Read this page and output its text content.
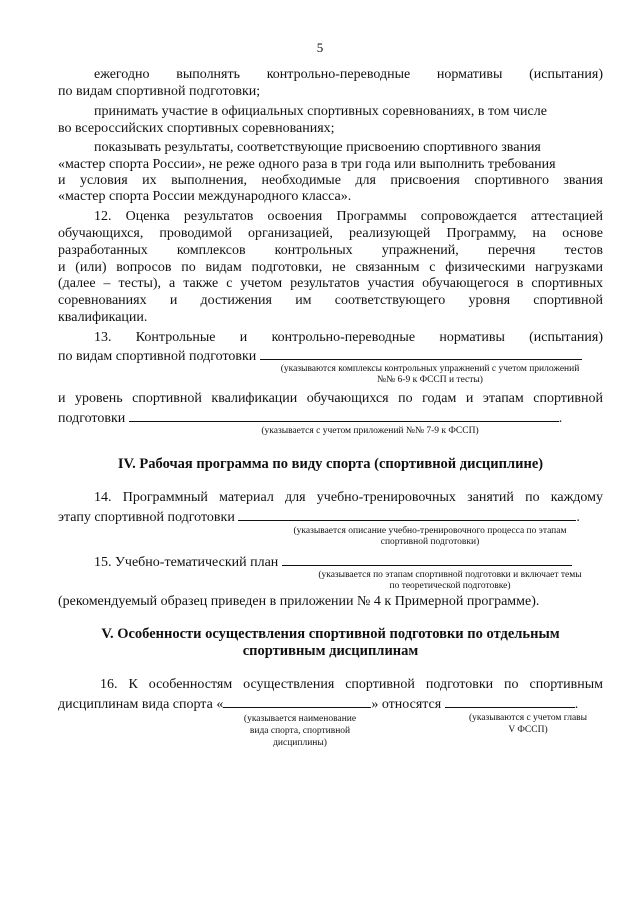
5
ежегодно выполнять контрольно-переводные нормативы (испытания)
по видам спортивной подготовки;
принимать участие в официальных спортивных соревнованиях, в том числе
во всероссийских спортивных соревнованиях;
показывать результаты, соответствующие присвоению спортивного звания
«мастер спорта России», не реже одного раза в три года или выполнить требования
и условия их выполнения, необходимые для присвоения спортивного звания
«мастер спорта России международного класса».
12. Оценка результатов освоения Программы сопровождается аттестацией
обучающихся, проводимой организацией, реализующей Программу, на основе
разработанных комплексов контрольных упражнений, перечня тестов
и (или) вопросов по видам подготовки, не связанным с физическими нагрузками
(далее – тесты), а также с учетом результатов участия обучающегося в спортивных
соревнованиях и достижения им соответствующего уровня спортивной
квалификации.
13. Контрольные и контрольно-переводные нормативы (испытания)
по видам спортивной подготовки
(указываются комплексы контрольных упражнений с учетом приложений
№№ 6-9 к ФССП и тесты)
и уровень спортивной квалификации обучающихся по годам и этапам спортивной
подготовки	.
(указывается с учетом приложений №№ 7-9 к ФССП)
IV. Рабочая программа по виду спорта (спортивной дисциплине)
14. Программный материал для учебно-тренировочных занятий по каждому
этапу спортивной подготовки	.
(указывается описание учебно-тренировочного процесса по этапам
спортивной подготовки)
15. Учебно-тематический план
(указывается по этапам спортивной подготовки и включает темы
по теоретической подготовке)
(рекомендуемый образец приведен в приложении № 4 к Примерной программе).
V. Особенности осуществления спортивной подготовки по отдельным
спортивным дисциплинам
16. К особенностям осуществления спортивной подготовки по спортивным
дисциплинам вида спорта «	» относятся	.
(указывается наименование
вида спорта, спортивной
дисциплины)
(указываются с учетом главы
V ФССП)
